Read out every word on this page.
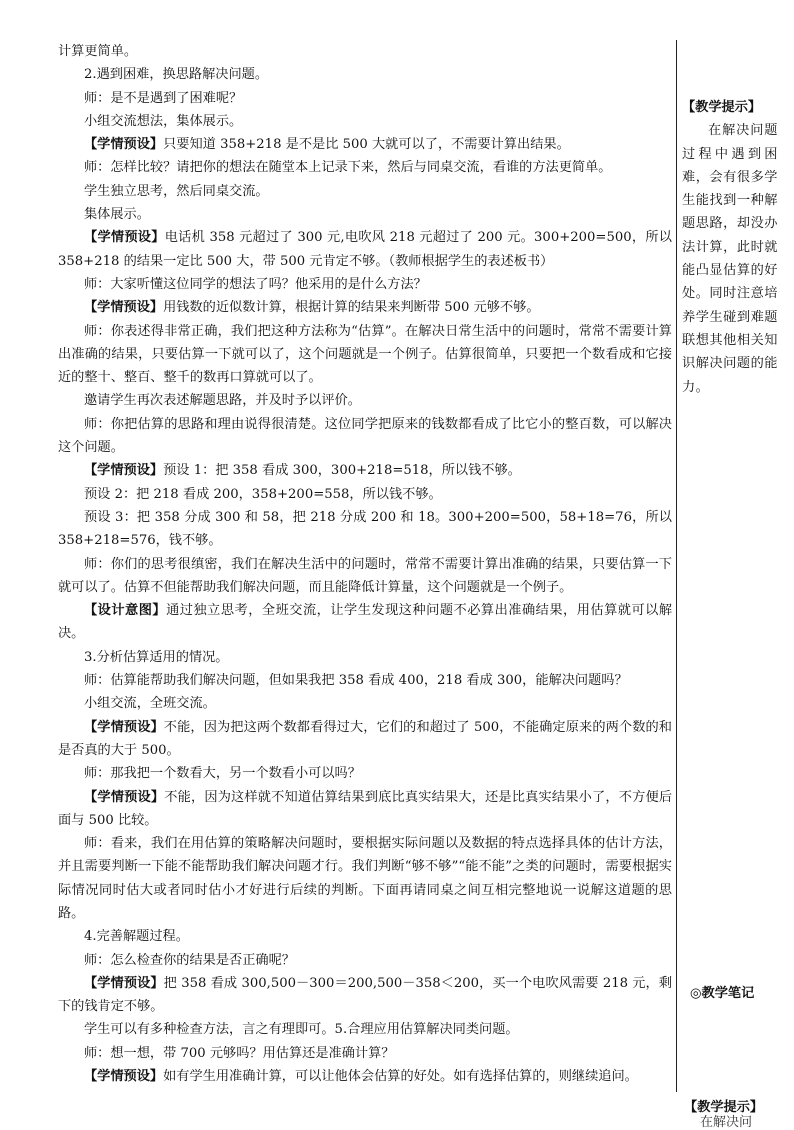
计算更简单。

2.遇到困难，换思路解决问题。

师：是不是遇到了困难呢？

小组交流想法，集体展示。

【学情预设】只要知道 358+218 是不是比 500 大就可以了，不需要计算出结果。

师：怎样比较？请把你的想法在随堂本上记录下来，然后与同桌交流，看谁的方法更简单。

学生独立思考，然后同桌交流。

集体展示。

【学情预设】电话机 358 元超过了 300 元,电吹风 218 元超过了 200 元。300+200=500，所以 358+218 的结果一定比 500 大，带 500 元肯定不够。（教师根据学生的表述板书）

师：大家听懂这位同学的想法了吗？他采用的是什么方法？

【学情预设】用钱数的近似数计算，根据计算的结果来判断带 500 元够不够。

师：你表述得非常正确，我们把这种方法称为“估算”。在解决日常生活中的问题时，常常不需要计算出准确的结果，只要估算一下就可以了，这个问题就是一个例子。估算很简单，只要把一个数看成和它接近的整十、整百、整千的数再口算就可以了。

邀请学生再次表述解题思路，并及时予以评价。

师：你把估算的思路和理由说得很清楚。这位同学把原来的钱数都看成了比它小的整百数，可以解决这个问题。

【学情预设】预设 1：把 358 看成 300，300+218=518，所以钱不够。

预设 2：把 218 看成 200，358+200=558，所以钱不够。

预设 3：把 358 分成 300 和 58，把 218 分成 200 和 18。300+200=500，58+18=76，所以 358+218=576，钱不够。

师：你们的思考很缜密，我们在解决生活中的问题时，常常不需要计算出准确的结果，只要估算一下就可以了。估算不但能帮助我们解决问题，而且能降低计算量，这个问题就是一个例子。

【设计意图】通过独立思考，全班交流，让学生发现这种问题不必算出准确结果，用估算就可以解决。

3.分析估算适用的情况。

师：估算能帮助我们解决问题，但如果我把 358 看成 400，218 看成 300，能解决问题吗？

小组交流，全班交流。

【学情预设】不能，因为把这两个数都看得过大，它们的和超过了 500，不能确定原来的两个数的和是否真的大于 500。

师：那我把一个数看大，另一个数看小可以吗？

【学情预设】不能，因为这样就不知道估算结果到底比真实结果大，还是比真实结果小了，不方便后面与 500 比较。

师：看来，我们在用估算的策略解决问题时，要根据实际问题以及数据的特点选择具体的估计方法，并且需要判断一下能不能帮助我们解决问题才行。我们判断“够不够”“能不能”之类的问题时，需要根据实际情况同时估大或者同时估小才好进行后续的判断。下面再请同桌之间互相完整地说一说解这道题的思路。

4.完善解题过程。

师：怎么检查你的结果是否正确呢？

【学情预设】把 358 看成 300,500－300＝200,500－358＜200，买一个电吹风需要 218 元，剩下的钱肯定不够。

学生可以有多种检查方法，言之有理即可。5.合理应用估算解决同类问题。

师：想一想，带 700 元够吗？用估算还是准确计算？

【学情预设】如有学生用准确计算，可以让他体会估算的好处。如有选择估算的，则继续追问。

【教学提示】

在解决问题过程中遇到困难，会有很多学生能找到一种解题思路，却没办法计算，此时就能凸显估算的好处。同时注意培养学生碰到难题联想其他相关知识解决问题的能力。

◎教学笔记
【教学提示】
在解决问
